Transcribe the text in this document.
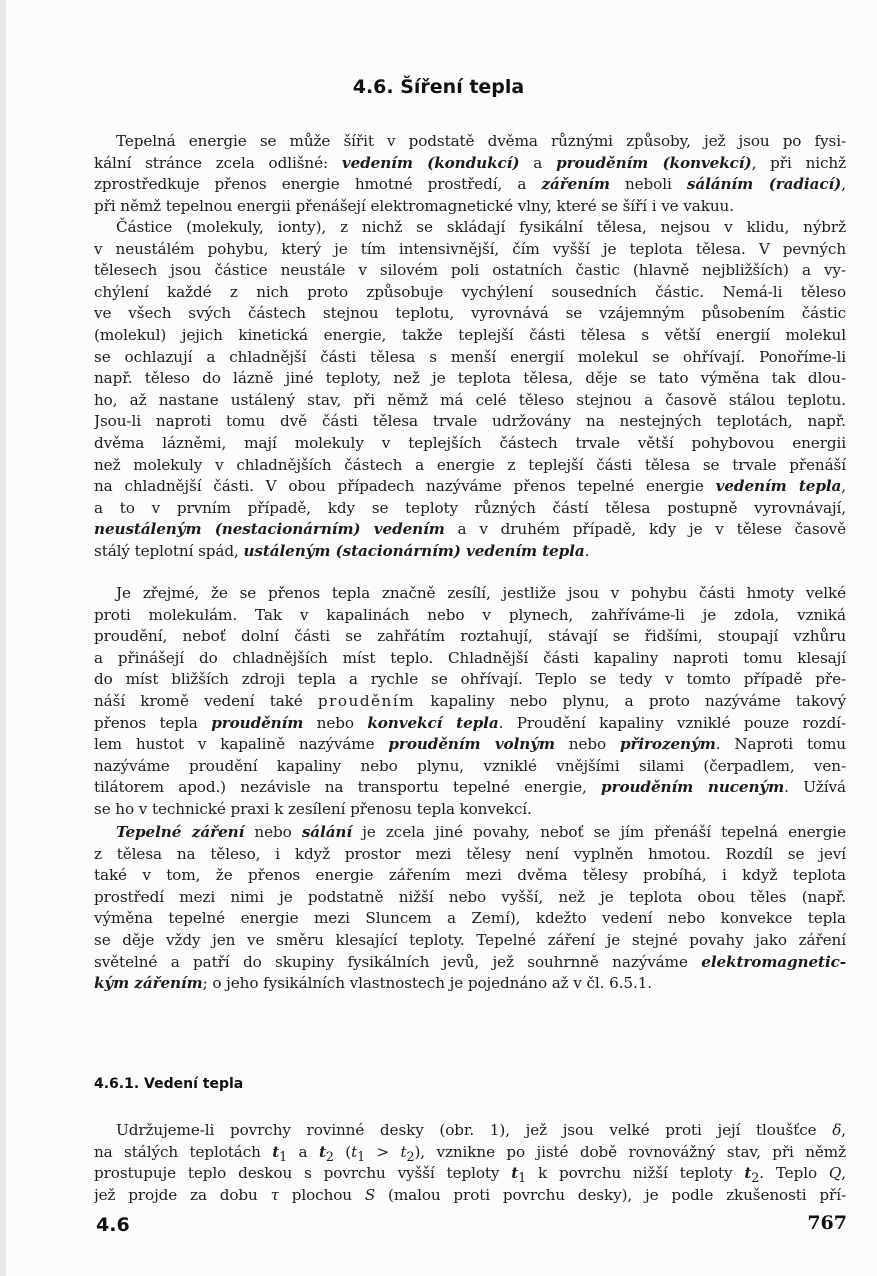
4.6. Šíření tepla
Tepelná energie se může šířit v podstatě dvěma různými způsoby, jež jsou po fysi-
kální stránce zcela odlišné: vedením (kondukcí) a prouděním (konvekcí), při nichž
zprostředkuje přenos energie hmotné prostředí, a zářením neboli sáláním (radiací),
při němž tepelnou energii přenášejí elektromagnetické vlny, které se šíří i ve vakuu.
Částice (molekuly, ionty), z nichž se skládají fysikální tělesa, nejsou v klidu, nýbrž
v neustálém pohybu, který je tím intensivnější, čím vyšší je teplota tělesa. V pevných
tělesech jsou částice neustále v silovém poli ostatních častic (hlavně nejbližších) a vy-
chýlení každé z nich proto způsobuje vychýlení sousedních částic. Nemá-li těleso
ve všech svých částech stejnou teplotu, vyrovnává se vzájemným působením částic
(molekul) jejich kinetická energie, takže teplejší části tělesa s větší energií molekul
se ochlazují a chladnější části tělesa s menší energií molekul se ohřívají. Ponoříme-li
např. těleso do lázně jiné teploty, než je teplota tělesa, děje se tato výměna tak dlou-
ho, až nastane ustálený stav, při němž má celé těleso stejnou a časově stálou teplotu.
Jsou-li naproti tomu dvě části tělesa trvale udržovány na nestejných teplotách, např.
dvěma lázněmi, mají molekuly v teplejších částech trvale větší pohybovou energii
než molekuly v chladnějších částech a energie z teplejší části tělesa se trvale přenáší
na chladnější části. V obou případech nazýváme přenos tepelné energie vedením tepla,
a to v prvním případě, kdy se teploty různých částí tělesa postupně vyrovnávají,
neustáleným (nestacionárním) vedením a v druhém případě, kdy je v tělese časově
stálý teplotní spád, ustáleným (stacionárním) vedením tepla.
Je zřejmé, že se přenos tepla značně zesílí, jestliže jsou v pohybu části hmoty velké
proti molekulám. Tak v kapalinách nebo v plynech, zahříváme-li je zdola, vzniká
proudění, neboť dolní části se zahřátím roztahují, stávají se řidšími, stoupají vzhůru
a přinášejí do chladnějších míst teplo. Chladnější části kapaliny naproti tomu klesají
do míst bližších zdroji tepla a rychle se ohřívají. Teplo se tedy v tomto případě pře-
náší kromě vedení také prouděním kapaliny nebo plynu, a proto nazýváme takový
přenos tepla prouděním nebo konvekcí tepla. Proudění kapaliny vzniklé pouze rozdí-
lem hustot v kapalině nazýváme prouděním volným nebo přirozeným. Naproti tomu
nazýváme proudění kapaliny nebo plynu, vzniklé vnějšími silami (čerpadlem, ven-
tilátorem apod.) nezávisle na transportu tepelné energie, prouděním nuceným. Užívá
se ho v technické praxi k zesílení přenosu tepla konvekcí.
Tepelné záření nebo sálání je zcela jiné povahy, neboť se jím přenáší tepelná energie
z tělesa na těleso, i když prostor mezi tělesy není vyplněn hmotou. Rozdíl se jeví
také v tom, že přenos energie zářením mezi dvěma tělesy probíhá, i když teplota
prostředí mezi nimi je podstatně nižší nebo vyšší, než je teplota obou těles (např.
výměna tepelné energie mezi Sluncem a Zemí), kdežto vedení nebo konvekce tepla
se děje vždy jen ve směru klesající teploty. Tepelné záření je stejné povahy jako záření
světelné a patří do skupiny fysikálních jevů, jež souhrnně nazýváme elektromagnetic-
kým zářením; o jeho fysikálních vlastnostech je pojednáno až v čl. 6.5.1.
4.6.1. Vedení tepla
Udržujeme-li povrchy rovinné desky (obr. 1), jež jsou velké proti její tloušťce δ,
na stálých teplotách $t_1$ a $t_2$ $(t_1 > t_2)$, vznikne po jisté době rovnovážný stav, při němž
prostupuje teplo deskou s povrchu vyšší teploty $t_1$ k povrchu nižší teploty $t_2$. Teplo Q,
jež projde za dobu τ plochou S (malou proti povrchu desky), je podle zkušenosti pří-
4.6	767
